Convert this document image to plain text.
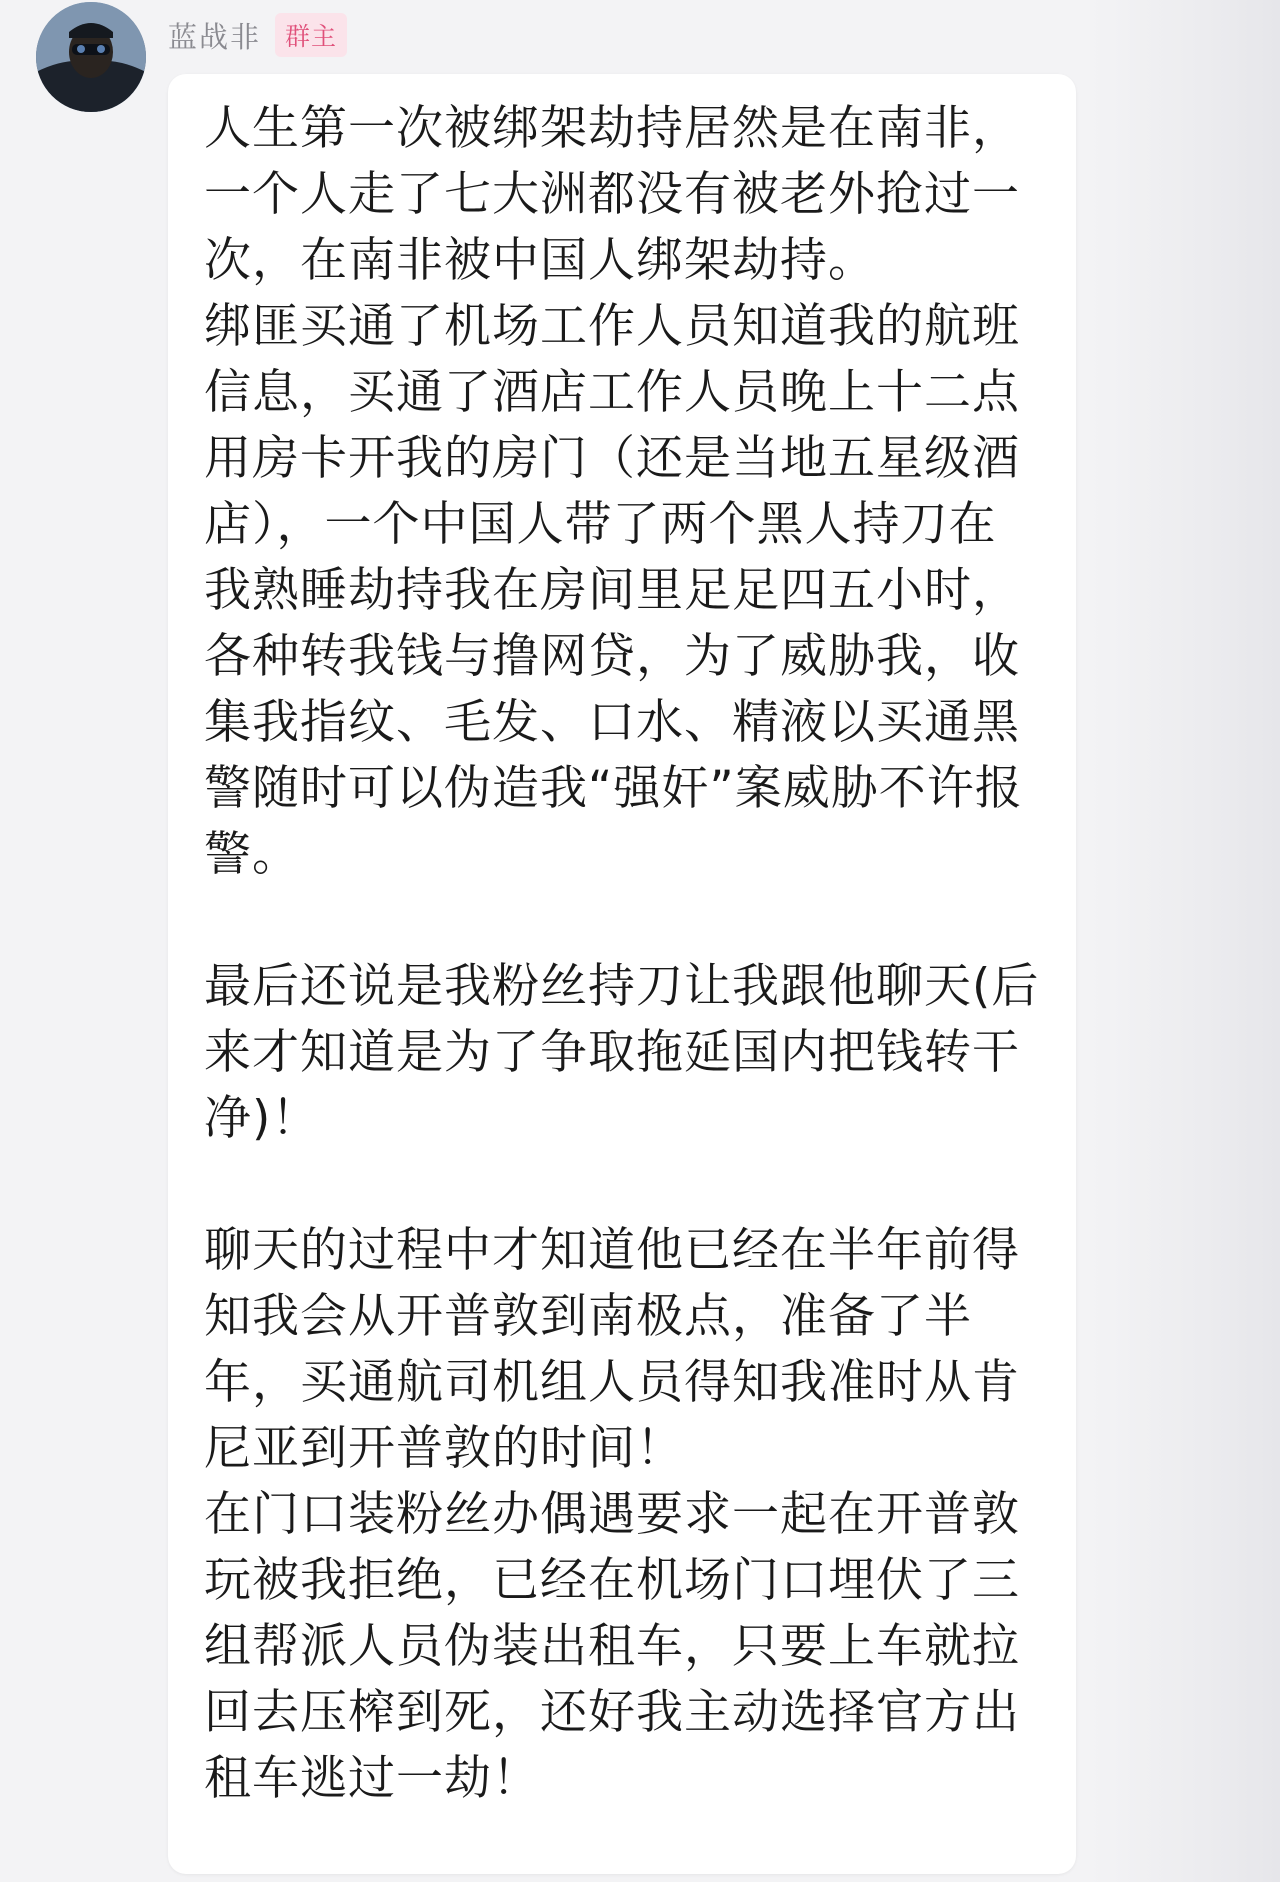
蓝战非 群主

人生第一次被绑架劫持居然是在南非，一个人走了七大洲都没有被老外抢过一次，在南非被中国人绑架劫持。

绑匪买通了机场工作人员知道我的航班信息，买通了酒店工作人员晚上十二点用房卡开我的房门（还是当地五星级酒店），一个中国人带了两个黑人持刀在我熟睡劫持我在房间里足足四五小时，各种转我钱与撸网贷，为了威胁我，收集我指纹、毛发、口水、精液以买通黑警随时可以伪造我“强奸”案威胁不许报警。

最后还说是我粉丝持刀让我跟他聊天(后来才知道是为了争取拖延国内把钱转干净)！

聊天的过程中才知道他已经在半年前得知我会从开普敦到南极点，准备了半年，买通航司机组人员得知我准时从肯尼亚到开普敦的时间！

在门口装粉丝办偶遇要求一起在开普敦玩被我拒绝，已经在机场门口埋伏了三组帮派人员伪装出租车，只要上车就拉回去压榨到死，还好我主动选择官方出租车逃过一劫！
